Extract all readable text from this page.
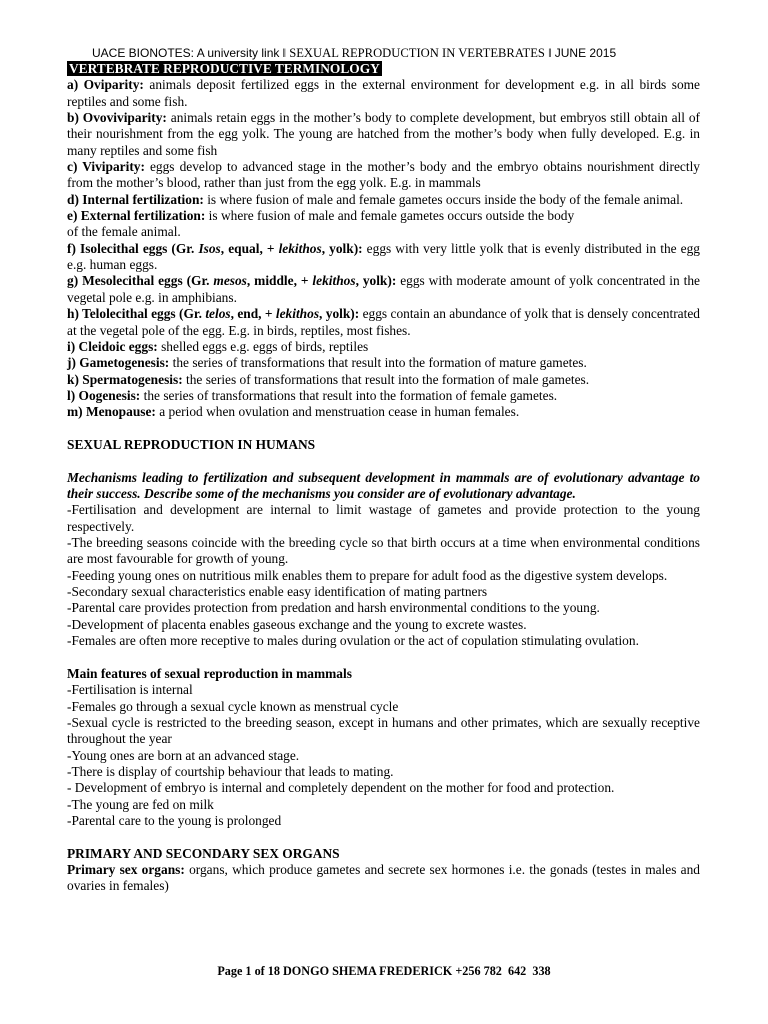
UACE BIONOTES: A university link ‖ SEXUAL REPRODUCTION IN VERTEBRATES ‖ JUNE 2015

VERTEBRATE REPRODUCTIVE TERMINOLOGY

a) Oviparity: animals deposit fertilized eggs in the external environment for development e.g. in all birds some reptiles and some fish.

b) Ovoviviparity: animals retain eggs in the mother’s body to complete development, but embryos still obtain all of their nourishment from the egg yolk. The young are hatched from the mother’s body when fully developed. E.g. in many reptiles and some fish

c) Viviparity: eggs develop to advanced stage in the mother’s body and the embryo obtains nourishment directly from the mother’s blood, rather than just from the egg yolk. E.g. in mammals

d) Internal fertilization: is where fusion of male and female gametes occurs inside the body of the female animal.

e) External fertilization: is where fusion of male and female gametes occurs outside the body
of the female animal.

f) Isolecithal eggs (Gr. Isos, equal, + lekithos, yolk): eggs with very little yolk that is evenly distributed in the egg e.g. human eggs.

g) Mesolecithal eggs (Gr. mesos, middle, + lekithos, yolk): eggs with moderate amount of yolk concentrated in the vegetal pole e.g. in amphibians.

h) Telolecithal eggs (Gr. telos, end, + lekithos, yolk): eggs contain an abundance of yolk that is densely concentrated at the vegetal pole of the egg. E.g. in birds, reptiles, most fishes.

i) Cleidoic eggs: shelled eggs e.g. eggs of birds, reptiles

j) Gametogenesis: the series of transformations that result into the formation of mature gametes.

k) Spermatogenesis: the series of transformations that result into the formation of male gametes.

l) Oogenesis: the series of transformations that result into the formation of female gametes.

m) Menopause: a period when ovulation and menstruation cease in human females.

SEXUAL REPRODUCTION IN HUMANS

Mechanisms leading to fertilization and subsequent development in mammals are of evolutionary advantage to their success. Describe some of the mechanisms you consider are of evolutionary advantage.

-Fertilisation and development are internal to limit wastage of gametes and provide protection to the young respectively.

-The breeding seasons coincide with the breeding cycle so that birth occurs at a time when environmental conditions are most favourable for growth of young.

-Feeding young ones on nutritious milk enables them to prepare for adult food as the digestive system develops.

-Secondary sexual characteristics enable easy identification of mating partners

-Parental care provides protection from predation and harsh environmental conditions to the young.

-Development of placenta enables gaseous exchange and the young to excrete wastes.

-Females are often more receptive to males during ovulation or the act of copulation stimulating ovulation.

Main features of sexual reproduction in mammals

-Fertilisation is internal

-Females go through a sexual cycle known as menstrual cycle

-Sexual cycle is restricted to the breeding season, except in humans and other primates, which are sexually receptive throughout the year

-Young ones are born at an advanced stage.

-There is display of courtship behaviour that leads to mating.

- Development of embryo is internal and completely dependent on the mother for food and protection.

-The young are fed on milk

-Parental care to the young is prolonged

PRIMARY AND SECONDARY SEX ORGANS

Primary sex organs: organs, which produce gametes and secrete sex hormones i.e. the gonads (testes in males and ovaries in females)

Page 1 of 18 DONGO SHEMA FREDERICK +256 782  642  338
